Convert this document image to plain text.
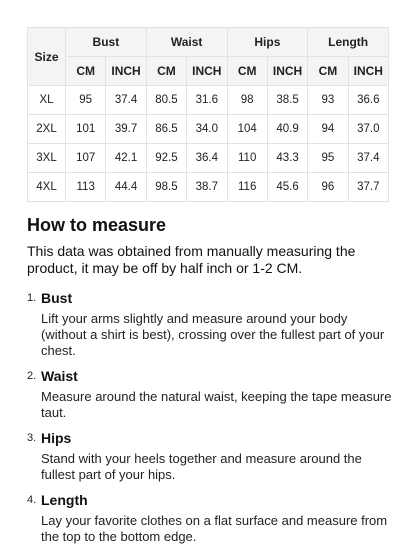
Size	Bust		Waist		Hips		Length	
	CM	INCH	CM	INCH	CM	INCH	CM	INCH
XL	95	37.4	80.5	31.6	98	38.5	93	36.6
2XL	101	39.7	86.5	34.0	104	40.9	94	37.0
3XL	107	42.1	92.5	36.4	110	43.3	95	37.4
4XL	113	44.4	98.5	38.7	116	45.6	96	37.7
How to measure

This data was obtained from manually measuring the product, it may be off by half inch or 1-2 CM.

1. Bust
Lift your arms slightly and measure around your body (without a shirt is best), crossing over the fullest part of your chest.
2. Waist
Measure around the natural waist, keeping the tape measure taut.
3. Hips
Stand with your heels together and measure around the fullest part of your hips.
4. Length
Lay your favorite clothes on a flat surface and measure from the top to the bottom edge.
